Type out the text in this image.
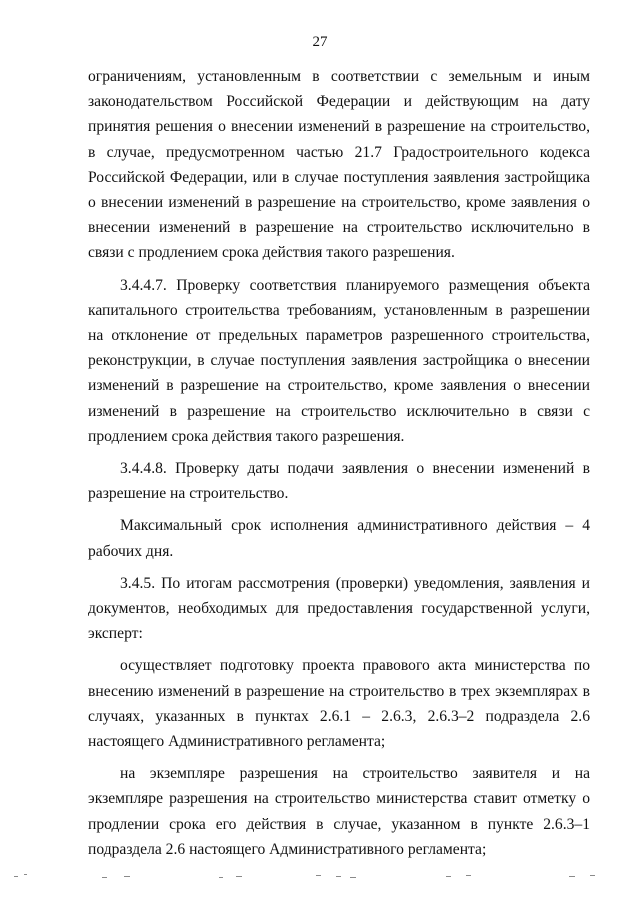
27

ограничениям, установленным в соответствии с земельным и иным законодательством Российской Федерации и действующим на дату принятия решения о внесении изменений в разрешение на строительство, в случае, предусмотренном частью 21.7 Градостроительного кодекса Российской Федерации, или в случае поступления заявления застройщика о внесении изменений в разрешение на строительство, кроме заявления о внесении изменений в разрешение на строительство исключительно в связи с продлением срока действия такого разрешения.

3.4.4.7. Проверку соответствия планируемого размещения объекта капитального строительства требованиям, установленным в разрешении на отклонение от предельных параметров разрешенного строительства, реконструкции, в случае поступления заявления застройщика о внесении изменений в разрешение на строительство, кроме заявления о внесении изменений в разрешение на строительство исключительно в связи с продлением срока действия такого разрешения.

3.4.4.8. Проверку даты подачи заявления о внесении изменений в разрешение на строительство.

Максимальный срок исполнения административного действия – 4 рабочих дня.

3.4.5. По итогам рассмотрения (проверки) уведомления, заявления и документов, необходимых для предоставления государственной услуги, эксперт:

осуществляет подготовку проекта правового акта министерства по внесению изменений в разрешение на строительство в трех экземплярах в случаях, указанных в пунктах 2.6.1 – 2.6.3, 2.6.3–2 подраздела 2.6 настоящего Административного регламента;

на экземпляре разрешения на строительство заявителя и на экземпляре разрешения на строительство министерства ставит отметку о продлении срока его действия в случае, указанном в пункте 2.6.3–1 подраздела 2.6 настоящего Административного регламента;
